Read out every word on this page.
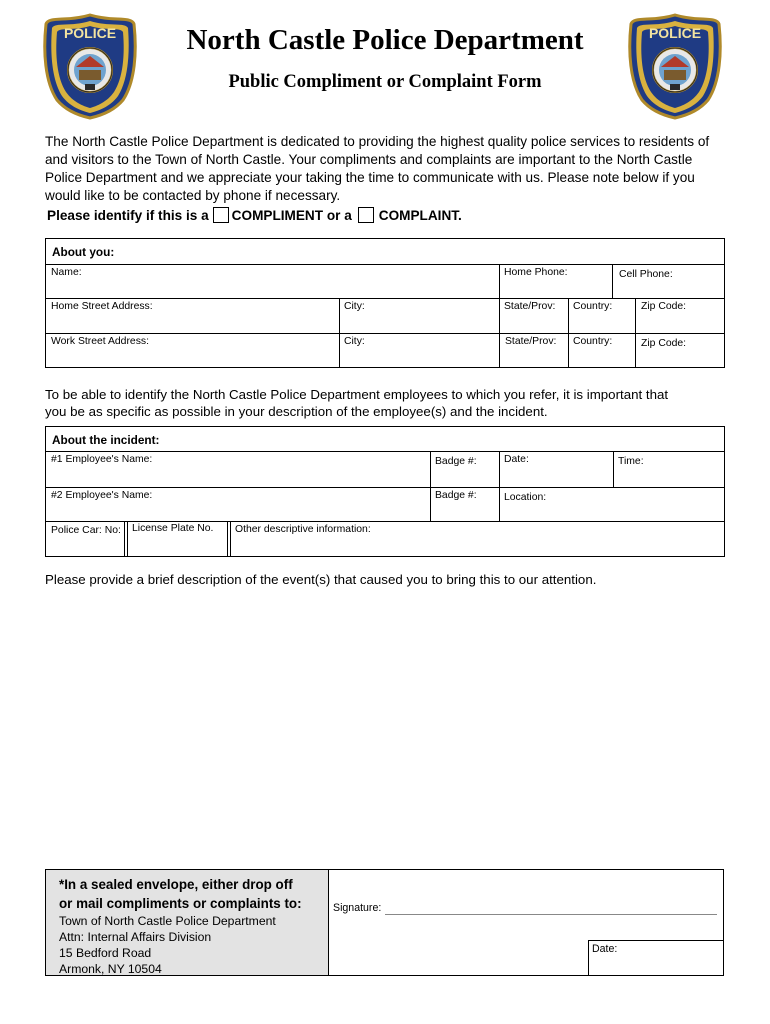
POLICE	POLICE
North Castle Police Department
Public Compliment or Complaint Form
The North Castle Police Department is dedicated to providing the highest quality police services to residents of and visitors to the Town of North Castle. Your compliments and complaints are important to the North Castle Police Department and we appreciate your taking the time to communicate with us. Please note below if you would like to be contacted by phone if necessary.
Please identify if this is a COMPLIMENT or a COMPLAINT.
About you:
Name:	Home Phone:	Cell Phone:
Home Street Address:	City:	State/Prov:	Country:	Zip Code:
Work Street Address:	City:	State/Prov:	Country:	Zip Code:
To be able to identify the North Castle Police Department employees to which you refer, it is important that you be as specific as possible in your description of the employee(s) and the incident.
About the incident:
#1 Employee's Name:	Badge #:	Date:	Time:
#2 Employee's Name:	Badge #:	Location:
Police Car: No:	License Plate No.	Other descriptive information:
Please provide a brief description of the event(s) that caused you to bring this to our attention.
*In a sealed envelope, either drop off
or mail compliments or complaints to:
Town of North Castle Police Department
Attn: Internal Affairs Division
15 Bedford Road
Armonk, NY 10504
Signature:
Date:
